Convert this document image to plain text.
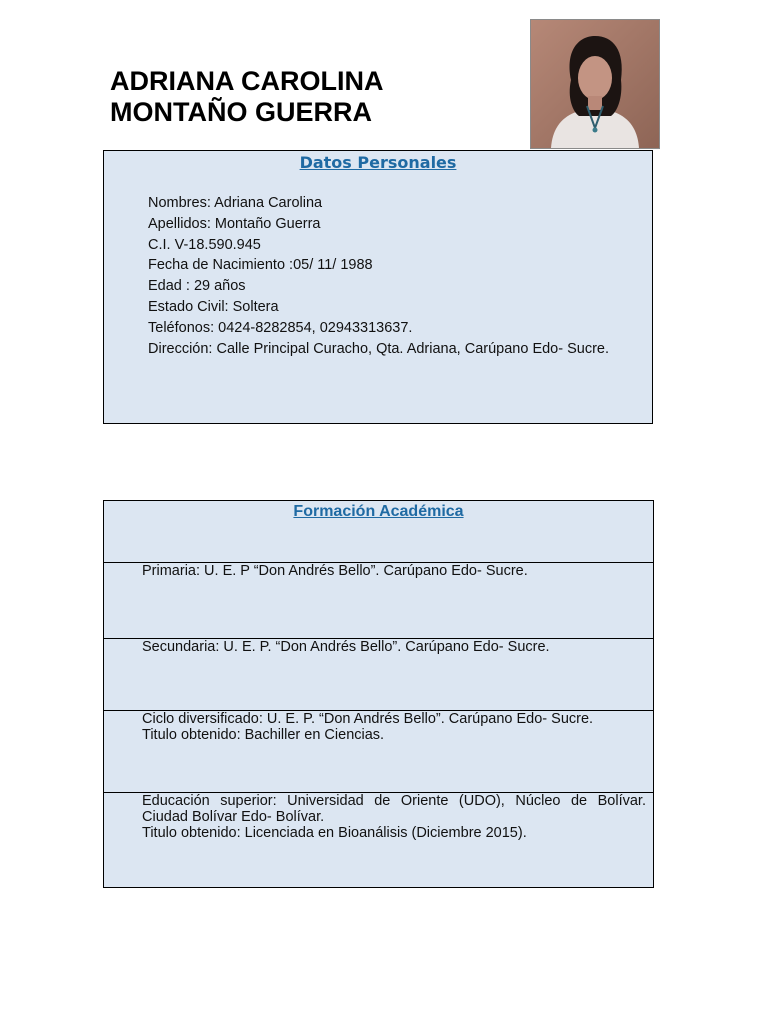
ADRIANA CAROLINA
MONTAÑO GUERRA
Datos Personales
Nombres: Adriana Carolina
Apellidos: Montaño Guerra
C.I. V-18.590.945
Fecha de Nacimiento :05/ 11/ 1988
Edad : 29 años
Estado Civil: Soltera
Teléfonos: 0424-8282854, 02943313637.
Dirección: Calle Principal Curacho, Qta. Adriana, Carúpano Edo- Sucre.
Formación Académica

Primaria: U. E. P “Don Andrés Bello”. Carúpano Edo- Sucre.

Secundaria: U. E. P. “Don Andrés Bello”. Carúpano Edo- Sucre.

Ciclo diversificado: U. E. P. “Don Andrés Bello”. Carúpano Edo- Sucre.

Titulo obtenido: Bachiller en Ciencias.

Educación superior: Universidad de Oriente (UDO), Núcleo de Bolívar.

Ciudad Bolívar Edo- Bolívar.

Titulo obtenido: Licenciada en Bioanálisis (Diciembre 2015).
